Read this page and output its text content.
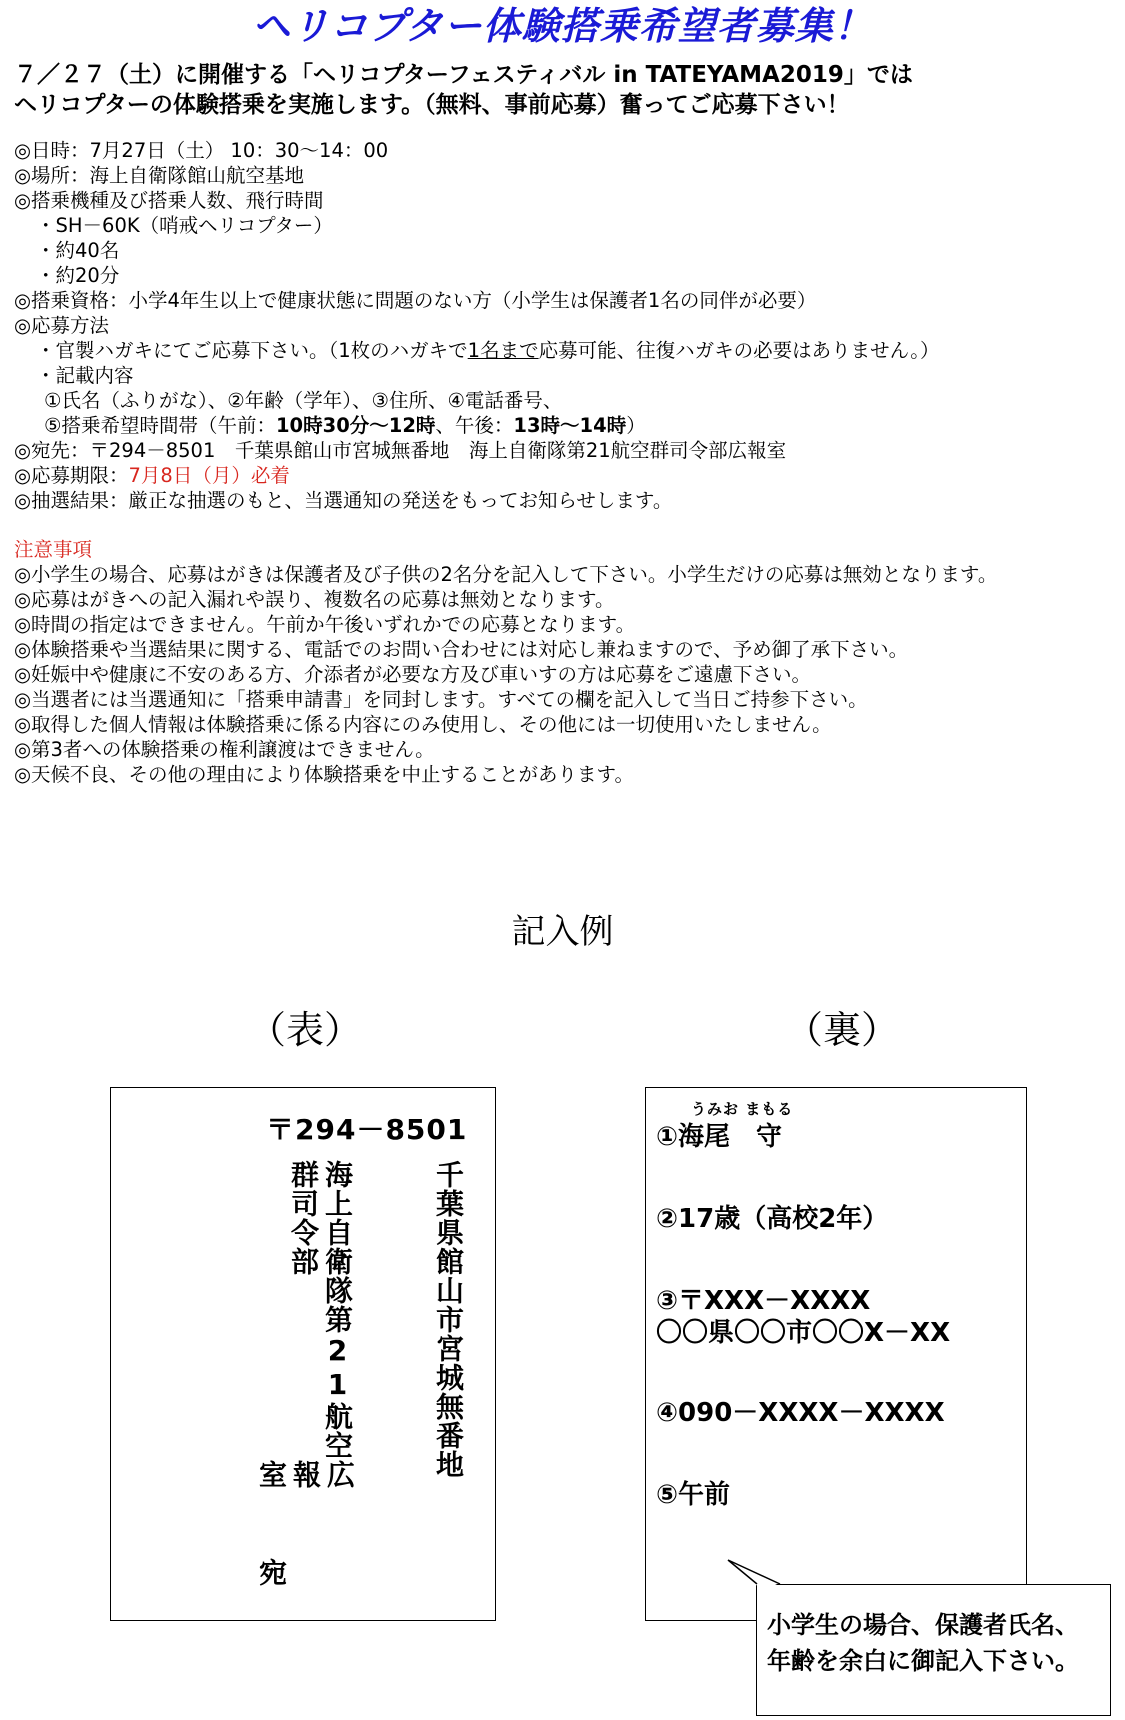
ヘリコプター体験搭乗希望者募集！
７／２７（土）に開催する「ヘリコプターフェスティバル in TATEYAMA2019」では
ヘリコプターの体験搭乗を実施します。（無料、事前応募）奮ってご応募下さい！
◎日時：7月27日（土） 10：30～14：00
◎場所：海上自衛隊館山航空基地
◎搭乗機種及び搭乗人数、飛行時間
・SH－60K（哨戒ヘリコプター）
・約40名
・約20分
◎搭乗資格：小学4年生以上で健康状態に問題のない方（小学生は保護者1名の同伴が必要）
◎応募方法
・官製ハガキにてご応募下さい。（1枚のハガキで1名まで応募可能、往復ハガキの必要はありません。）
・記載内容
①氏名（ふりがな）、②年齢（学年）、③住所、④電話番号、
⑤搭乗希望時間帯（午前：10時30分～12時、午後：13時～14時）
◎宛先：〒294－8501　千葉県館山市宮城無番地　海上自衛隊第21航空群司令部広報室
◎応募期限：7月8日（月）必着
◎抽選結果：厳正な抽選のもと、当選通知の発送をもってお知らせします。
注意事項
◎小学生の場合、応募はがきは保護者及び子供の2名分を記入して下さい。小学生だけの応募は無効となります。
◎応募はがきへの記入漏れや誤り、複数名の応募は無効となります。
◎時間の指定はできません。午前か午後いずれかでの応募となります。
◎体験搭乗や当選結果に関する、電話でのお問い合わせには対応し兼ねますので、予め御了承下さい。
◎妊娠中や健康に不安のある方、介添者が必要な方及び車いすの方は応募をご遠慮下さい。
◎当選者には当選通知に「搭乗申請書」を同封します。すべての欄を記入して当日ご持参下さい。
◎取得した個人情報は体験搭乗に係る内容にのみ使用し、その他には一切使用いたしません。
◎第3者への体験搭乗の権利譲渡はできません。
◎天候不良、その他の理由により体験搭乗を中止することがあります。
記入例
（表）	（裏）
〒294－8501
千葉県館山市宮城無番地
海上自衛隊第21航空群司令部
広報室
宛
うみお まもる
①海尾　守
②17歳（高校2年）
③〒XXX－XXXX
〇〇県〇〇市〇〇X－XX
④090－XXXX－XXXX
⑤午前
小学生の場合、保護者氏名、
年齢を余白に御記入下さい。
